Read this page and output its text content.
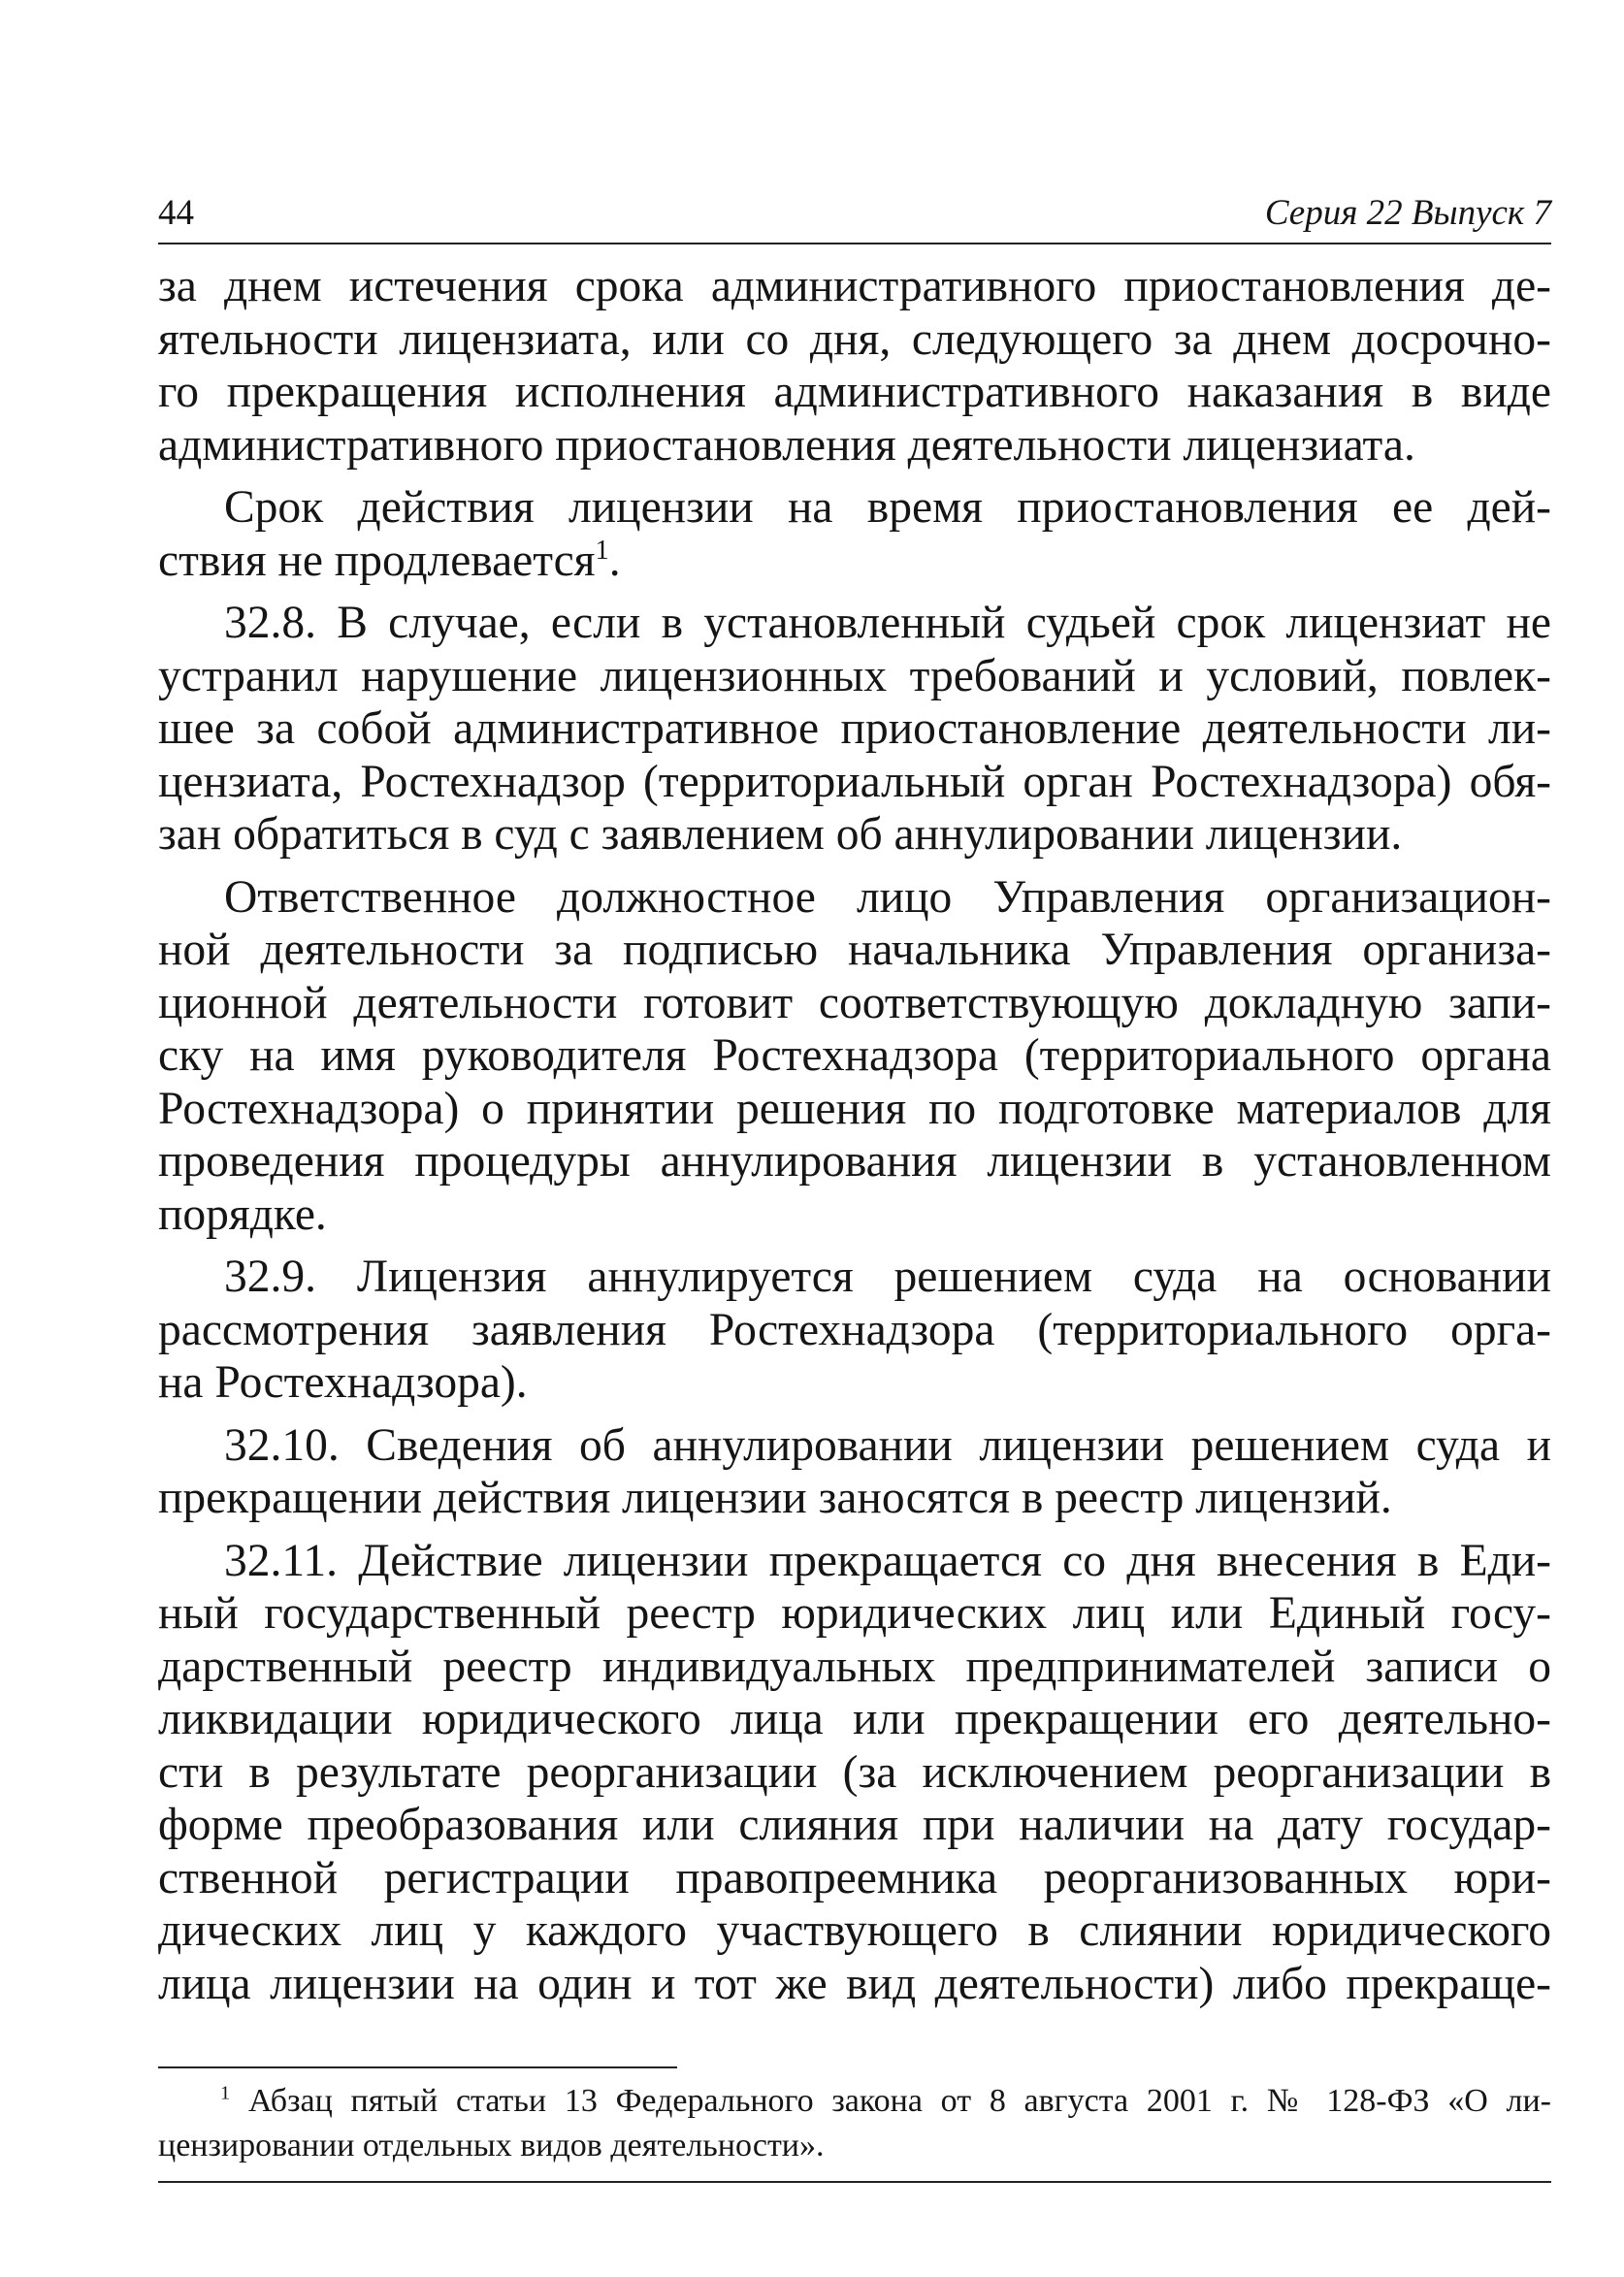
44	Серия 22 Выпуск 7
за днем истечения срока административного приостановления де-
ятельности лицензиата, или со дня, следующего за днем досрочно-
го прекращения исполнения административного наказания в виде
административного приостановления деятельности лицензиата.
Срок действия лицензии на время приостановления ее дей-
ствия не продлевается$^1$.
32.8. В случае, если в установленный судьей срок лицензиат не
устранил нарушение лицензионных требований и условий, повлек-
шее за собой административное приостановление деятельности ли-
цензиата, Ростехнадзор (территориальный орган Ростехнадзора) обя-
зан обратиться в суд с заявлением об аннулировании лицензии.
Ответственное должностное лицо Управления организацион-
ной деятельности за подписью начальника Управления организа-
ционной деятельности готовит соответствующую докладную запи-
ску на имя руководителя Ростехнадзора (территориального органа
Ростехнадзора) о принятии решения по подготовке материалов для
проведения процедуры аннулирования лицензии в установленном
порядке.
32.9. Лицензия аннулируется решением суда на основании
рассмотрения заявления Ростехнадзора (территориального орга-
на Ростехнадзора).
32.10. Сведения об аннулировании лицензии решением суда и
прекращении действия лицензии заносятся в реестр лицензий.
32.11. Действие лицензии прекращается со дня внесения в Еди-
ный государственный реестр юридических лиц или Единый госу-
дарственный реестр индивидуальных предпринимателей записи о
ликвидации юридического лица или прекращении его деятельно-
сти в результате реорганизации (за исключением реорганизации в
форме преобразования или слияния при наличии на дату государ-
ственной регистрации правопреемника реорганизованных юри-
дических лиц у каждого участвующего в слиянии юридического
лица лицензии на один и тот же вид деятельности) либо прекраще-
$^1$ Абзац пятый статьи 13 Федерального закона от 8 августа 2001 г. № 128-ФЗ «О ли-
цензировании отдельных видов деятельности».
